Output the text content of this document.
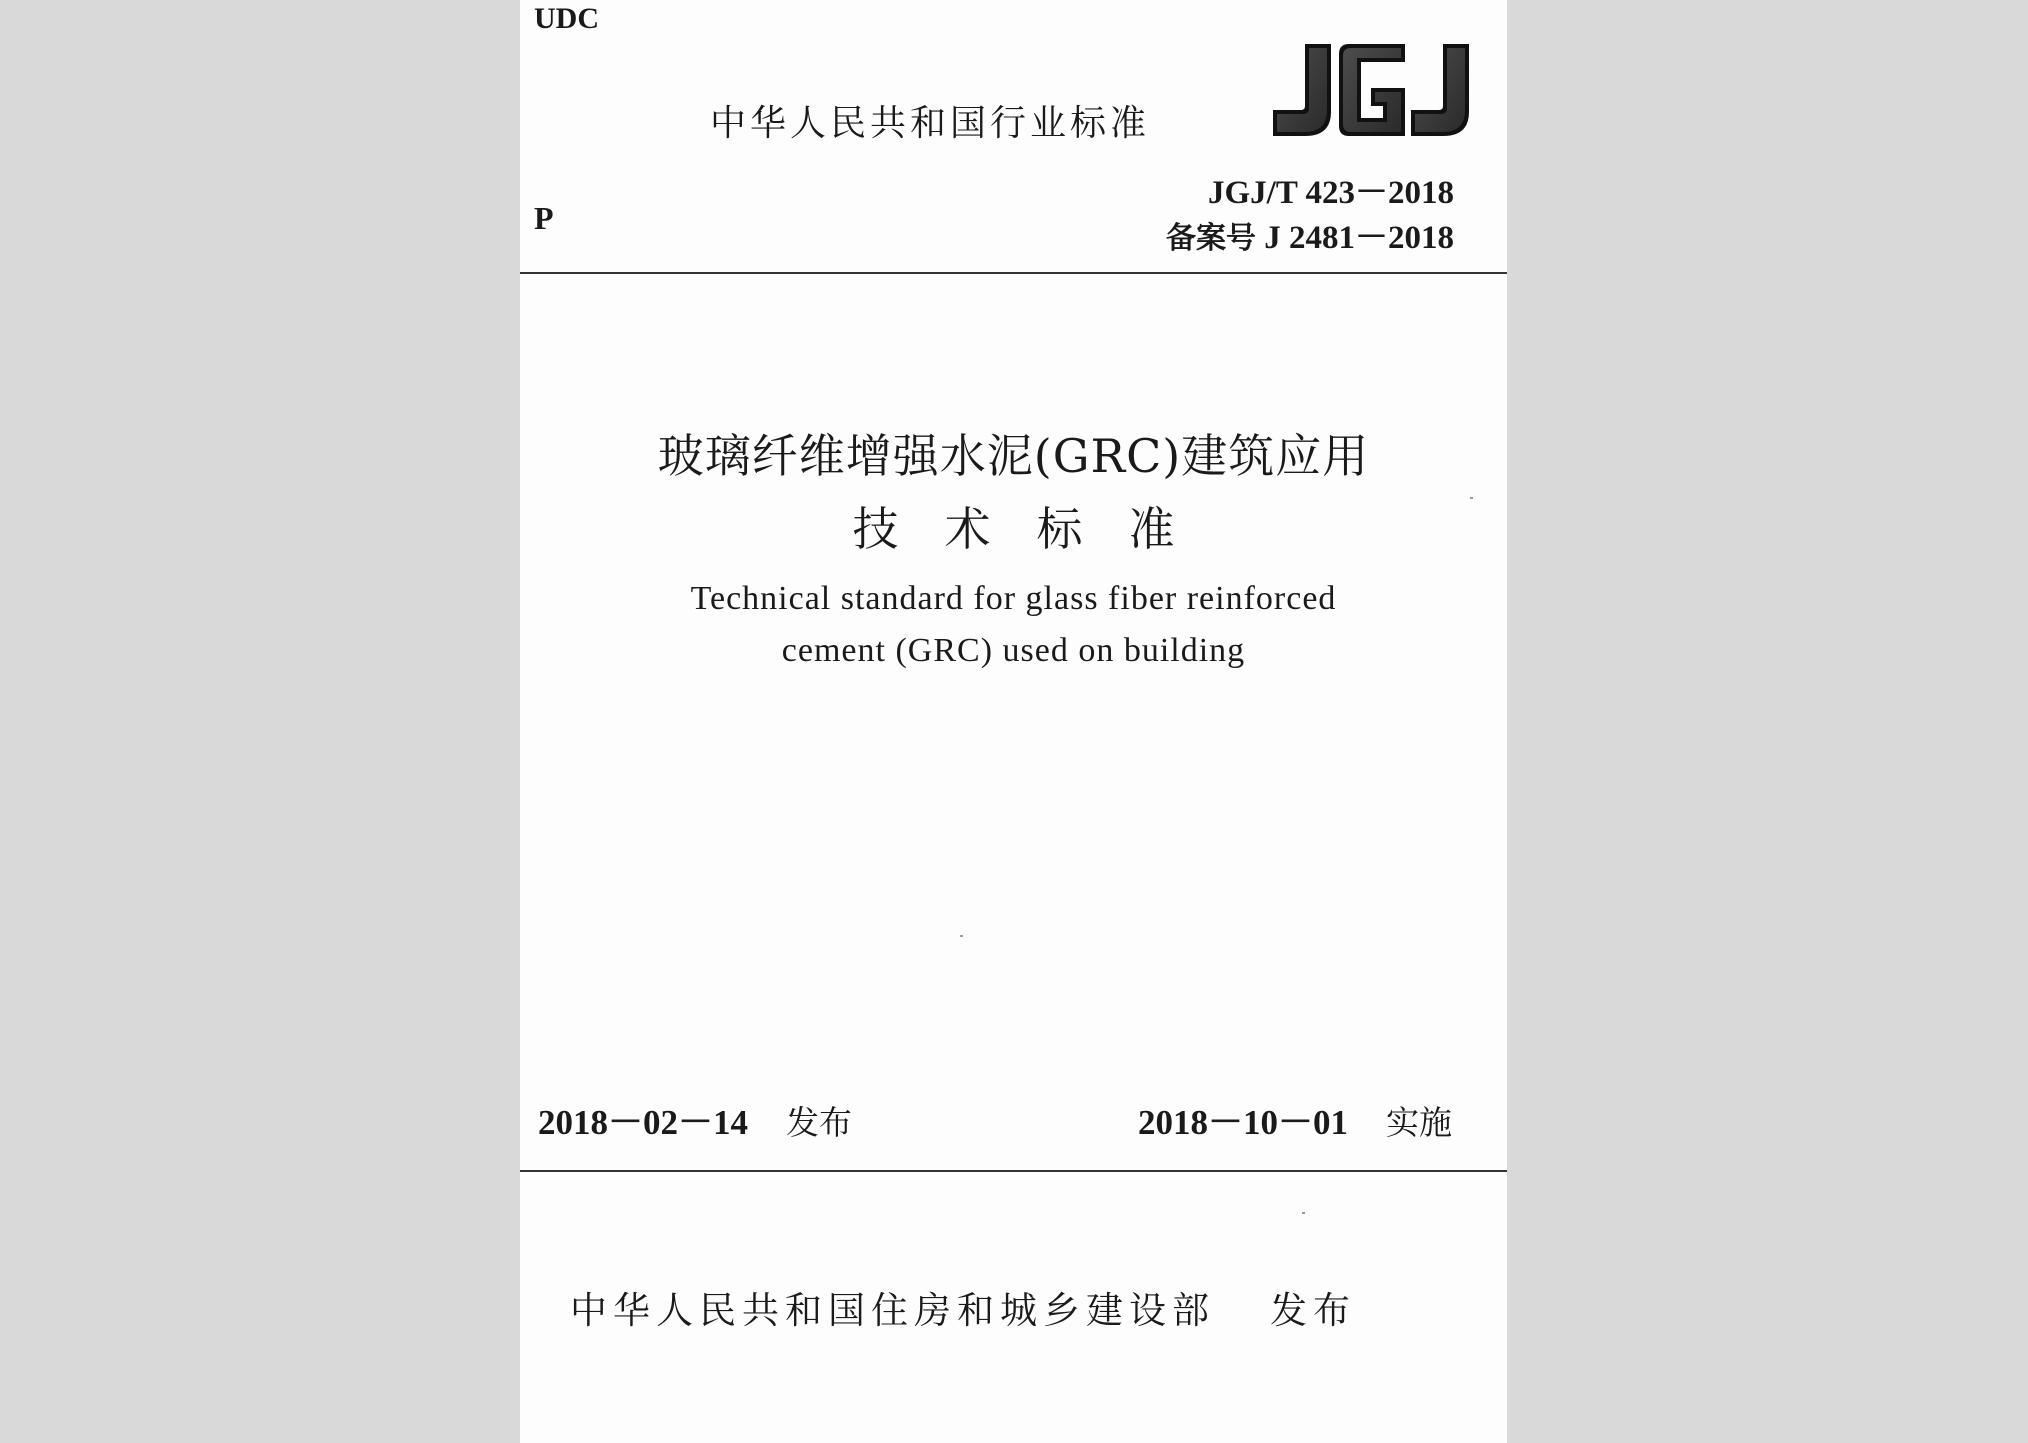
UDC
中华人民共和国行业标准
JGJ/T 423－2018
P
备案号 J 2481－2018
玻璃纤维增强水泥(GRC)建筑应用
技术标准
Technical standard for glass fiber reinforced
cement (GRC) used on building
2018－02－14 发布	2018－10－01 实施
中华人民共和国住房和城乡建设部 发布
